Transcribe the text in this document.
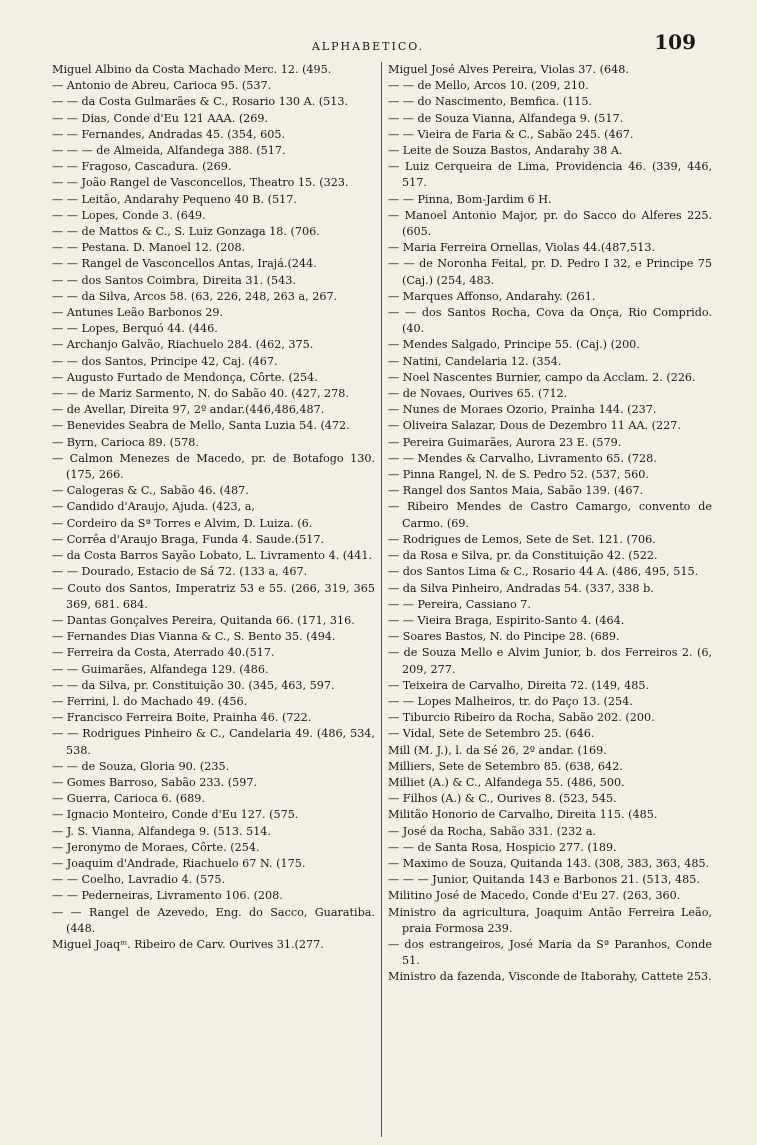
ALPHABETICO.	109

Miguel Albino da Costa Machado Merc. 12. (495.

— Antonio de Abreu, Carioca 95. (537.

— — da Costa Gulmarães & C., Rosario 130 A. (513.

— — Dias, Conde d'Eu 121 AAA. (269.

— — Fernandes, Andradas 45. (354, 605.

— — — de Almeida, Alfandega 388. (517.

— — Fragoso, Cascadura. (269.

— — João Rangel de Vasconcellos, Theatro 15. (323.

— — Leitão, Andarahy Pequeno 40 B. (517.

— — Lopes, Conde 3. (649.

— — de Mattos & C., S. Luiz Gonzaga 18. (706.

— — Pestana. D. Manoel 12. (208.

— — Rangel de Vasconcellos Antas, Irajá.(244.

— — dos Santos Coimbra, Direita 31. (543.

— — da Silva, Arcos 58. (63, 226, 248, 263 a, 267.

— Antunes Leão Barbonos 29.

— — Lopes, Berquó 44. (446.

— Archanjo Galvão, Riachuelo 284. (462, 375.

— — dos Santos, Principe 42, Caj. (467.

— Augusto Furtado de Mendonça, Côrte. (254.

— — de Mariz Sarmento, N. do Sabão 40. (427, 278.

— de Avellar, Direita 97, 2º andar.(446,486,487.

— Benevides Seabra de Mello, Santa Luzia 54. (472.

— Byrn, Carioca 89. (578.

— Calmon Menezes de Macedo, pr. de Botafogo 130.(175, 266.

— Calogeras & C., Sabão 46. (487.

— Candido d'Araujo, Ajuda. (423, a,

— Cordeiro da Sª Torres e Alvim, D. Luiza. (6.

— Corrêa d'Araujo Braga, Funda 4. Saude.(517.

— da Costa Barros Sayão Lobato, L. Livramento 4. (441.

— — Dourado, Estacio de Sá 72. (133 a, 467.

— Couto dos Santos, Imperatriz 53 e 55. (266, 319, 365 369, 681. 684.

— Dantas Gonçalves Pereira, Quitanda 66. (171, 316.

— Fernandes Dias Vianna & C., S. Bento 35. (494.

— Ferreira da Costa, Aterrado 40.(517.

— — Guimarães, Alfandega 129. (486.

— — da Silva, pr. Constituição 30. (345, 463, 597.

— Ferrini, l. do Machado 49. (456.

— Francisco Ferreira Boite, Prainha 46. (722.

— — Rodrigues Pinheiro & C., Candelaria 49. (486, 534, 538.

— — de Souza, Gloria 90. (235.

— Gomes Barroso, Sabão 233. (597.

— Guerra, Carioca 6. (689.

— Ignacio Monteiro, Conde d'Eu 127. (575.

— J. S. Vianna, Alfandega 9. (513. 514.

— Jeronymo de Moraes, Côrte. (254.

— Joaquim d'Andrade, Riachuelo 67 N. (175.

— — Coelho, Lavradio 4. (575.

— — Pederneiras, Livramento 106. (208.

— — Rangel de Azevedo, Eng. do Sacco, Guaratiba. (448.

Miguel Joaqᵐ. Ribeiro de Carv. Ourives 31.(277.

Miguel José Alves Pereira, Violas 37. (648.

— — de Mello, Arcos 10. (209, 210.

— — do Nascimento, Bemfica. (115.

— — de Souza Vianna, Alfandega 9. (517.

— — Vieira de Faria & C., Sabão 245. (467.

— Leite de Souza Bastos, Andarahy 38 A.

— Luiz Cerqueira de Lima, Providencia 46. (339, 446, 517.

— — Pinna, Bom-Jardim 6 H.

— Manoel Antonio Major, pr. do Sacco do Alferes 225. (605.

— Maria Ferreira Ornellas, Violas 44.(487,513.

— — de Noronha Feital, pr. D. Pedro I 32, e Principe 75 (Caj.) (254, 483.

— Marques Affonso, Andarahy. (261.

— — dos Santos Rocha, Cova da Onça, Rio Comprido. (40.

— Mendes Salgado, Principe 55. (Caj.) (200.

— Natini, Candelaria 12. (354.

— Noel Nascentes Burnier, campo da Acclam. 2. (226.

— de Novaes, Ourives 65. (712.

— Nunes de Moraes Ozorio, Prainha 144. (237.

— Oliveira Salazar, Dous de Dezembro 11 AA. (227.

— Pereira Guimarães, Aurora 23 E. (579.

— — Mendes & Carvalho, Livramento 65. (728.

— Pinna Rangel, N. de S. Pedro 52. (537, 560.

— Rangel dos Santos Maia, Sabão 139. (467.

— Ribeiro Mendes de Castro Camargo, convento de Carmo. (69.

— Rodrigues de Lemos, Sete de Set. 121. (706.

— da Rosa e Silva, pr. da Constituição 42. (522.

— dos Santos Lima & C., Rosario 44 A. (486, 495, 515.

— da Silva Pinheiro, Andradas 54. (337, 338 b.

— — Pereira, Cassiano 7.

— — Vieira Braga, Espirito-Santo 4. (464.

— Soares Bastos, N. do Pincipe 28. (689.

— de Souza Mello e Alvim Junior, b. dos Ferreiros 2. (6, 209, 277.

— Teixeira de Carvalho, Direita 72. (149, 485.

— — Lopes Malheiros, tr. do Paço 13. (254.

— Tiburcio Ribeiro da Rocha, Sabão 202. (200.

— Vidal, Sete de Setembro 25. (646.

Mill (M. J.), l. da Sé 26, 2º andar. (169.

Milliers, Sete de Setembro 85. (638, 642.

Milliet (A.) & C., Alfandega 55. (486, 500.

— Filhos (A.) & C., Ourives 8. (523, 545.

Militão Honorio de Carvalho, Direita 115. (485.

— José da Rocha, Sabão 331. (232 a.

— — de Santa Rosa, Hospicio 277. (189.

— Maximo de Souza, Quitanda 143. (308, 383, 363, 485.

— — — Junior, Quitanda 143 e Barbonos 21. (513, 485.

Militino José de Macedo, Conde d'Eu 27. (263, 360.

Ministro da agricultura, Joaquim Antão Ferreira Leão, praia Formosa 239.

— dos estrangeiros, José Maria da Sª Paranhos, Conde 51.

Ministro da fazenda, Visconde de Itaborahy, Cattete 253.
